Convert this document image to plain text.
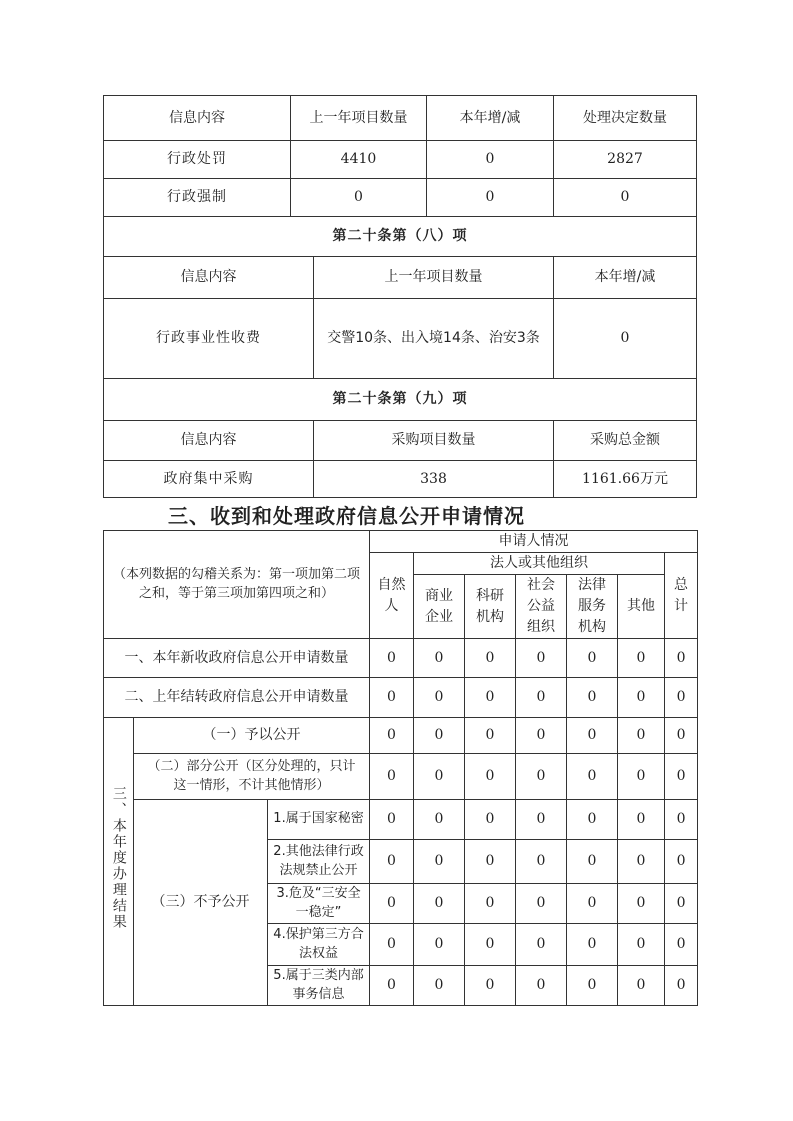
信息内容	上一年项目数量		本年增/减	处理决定数量
行政处罚	4410		0	2827
行政强制	0		0	0
第二十条第（八）项				
信息内容		上一年项目数量		本年增/减
行政事业性收费		交警10条、出入境14条、治安3条		0
第二十条第（九）项				
信息内容		采购项目数量		采购总金额
政府集中采购		338		1161.66万元
三、收到和处理政府信息公开申请情况
（本列数据的勾稽关系为：第一项加第二项之和，等于第三项加第四项之和）			申请人情况						
			自然人	法人或其他组织					总计
				商业企业	科研机构	社会公益组织	法律服务机构	其他	
一、本年新收政府信息公开申请数量			0	0	0	0	0	0	0
二、上年结转政府信息公开申请数量			0	0	0	0	0	0	0
三、本年度办理结果	（一）予以公开		0	0	0	0	0	0	0
	（二）部分公开（区分处理的，只计这一情形，不计其他情形）		0	0	0	0	0	0	0
	（三）不予公开	1.属于国家秘密	0	0	0	0	0	0	0
		2.其他法律行政法规禁止公开	0	0	0	0	0	0	0
		3.危及“三安全一稳定”	0	0	0	0	0	0	0
		4.保护第三方合法权益	0	0	0	0	0	0	0
		5.属于三类内部事务信息	0	0	0	0	0	0	0
